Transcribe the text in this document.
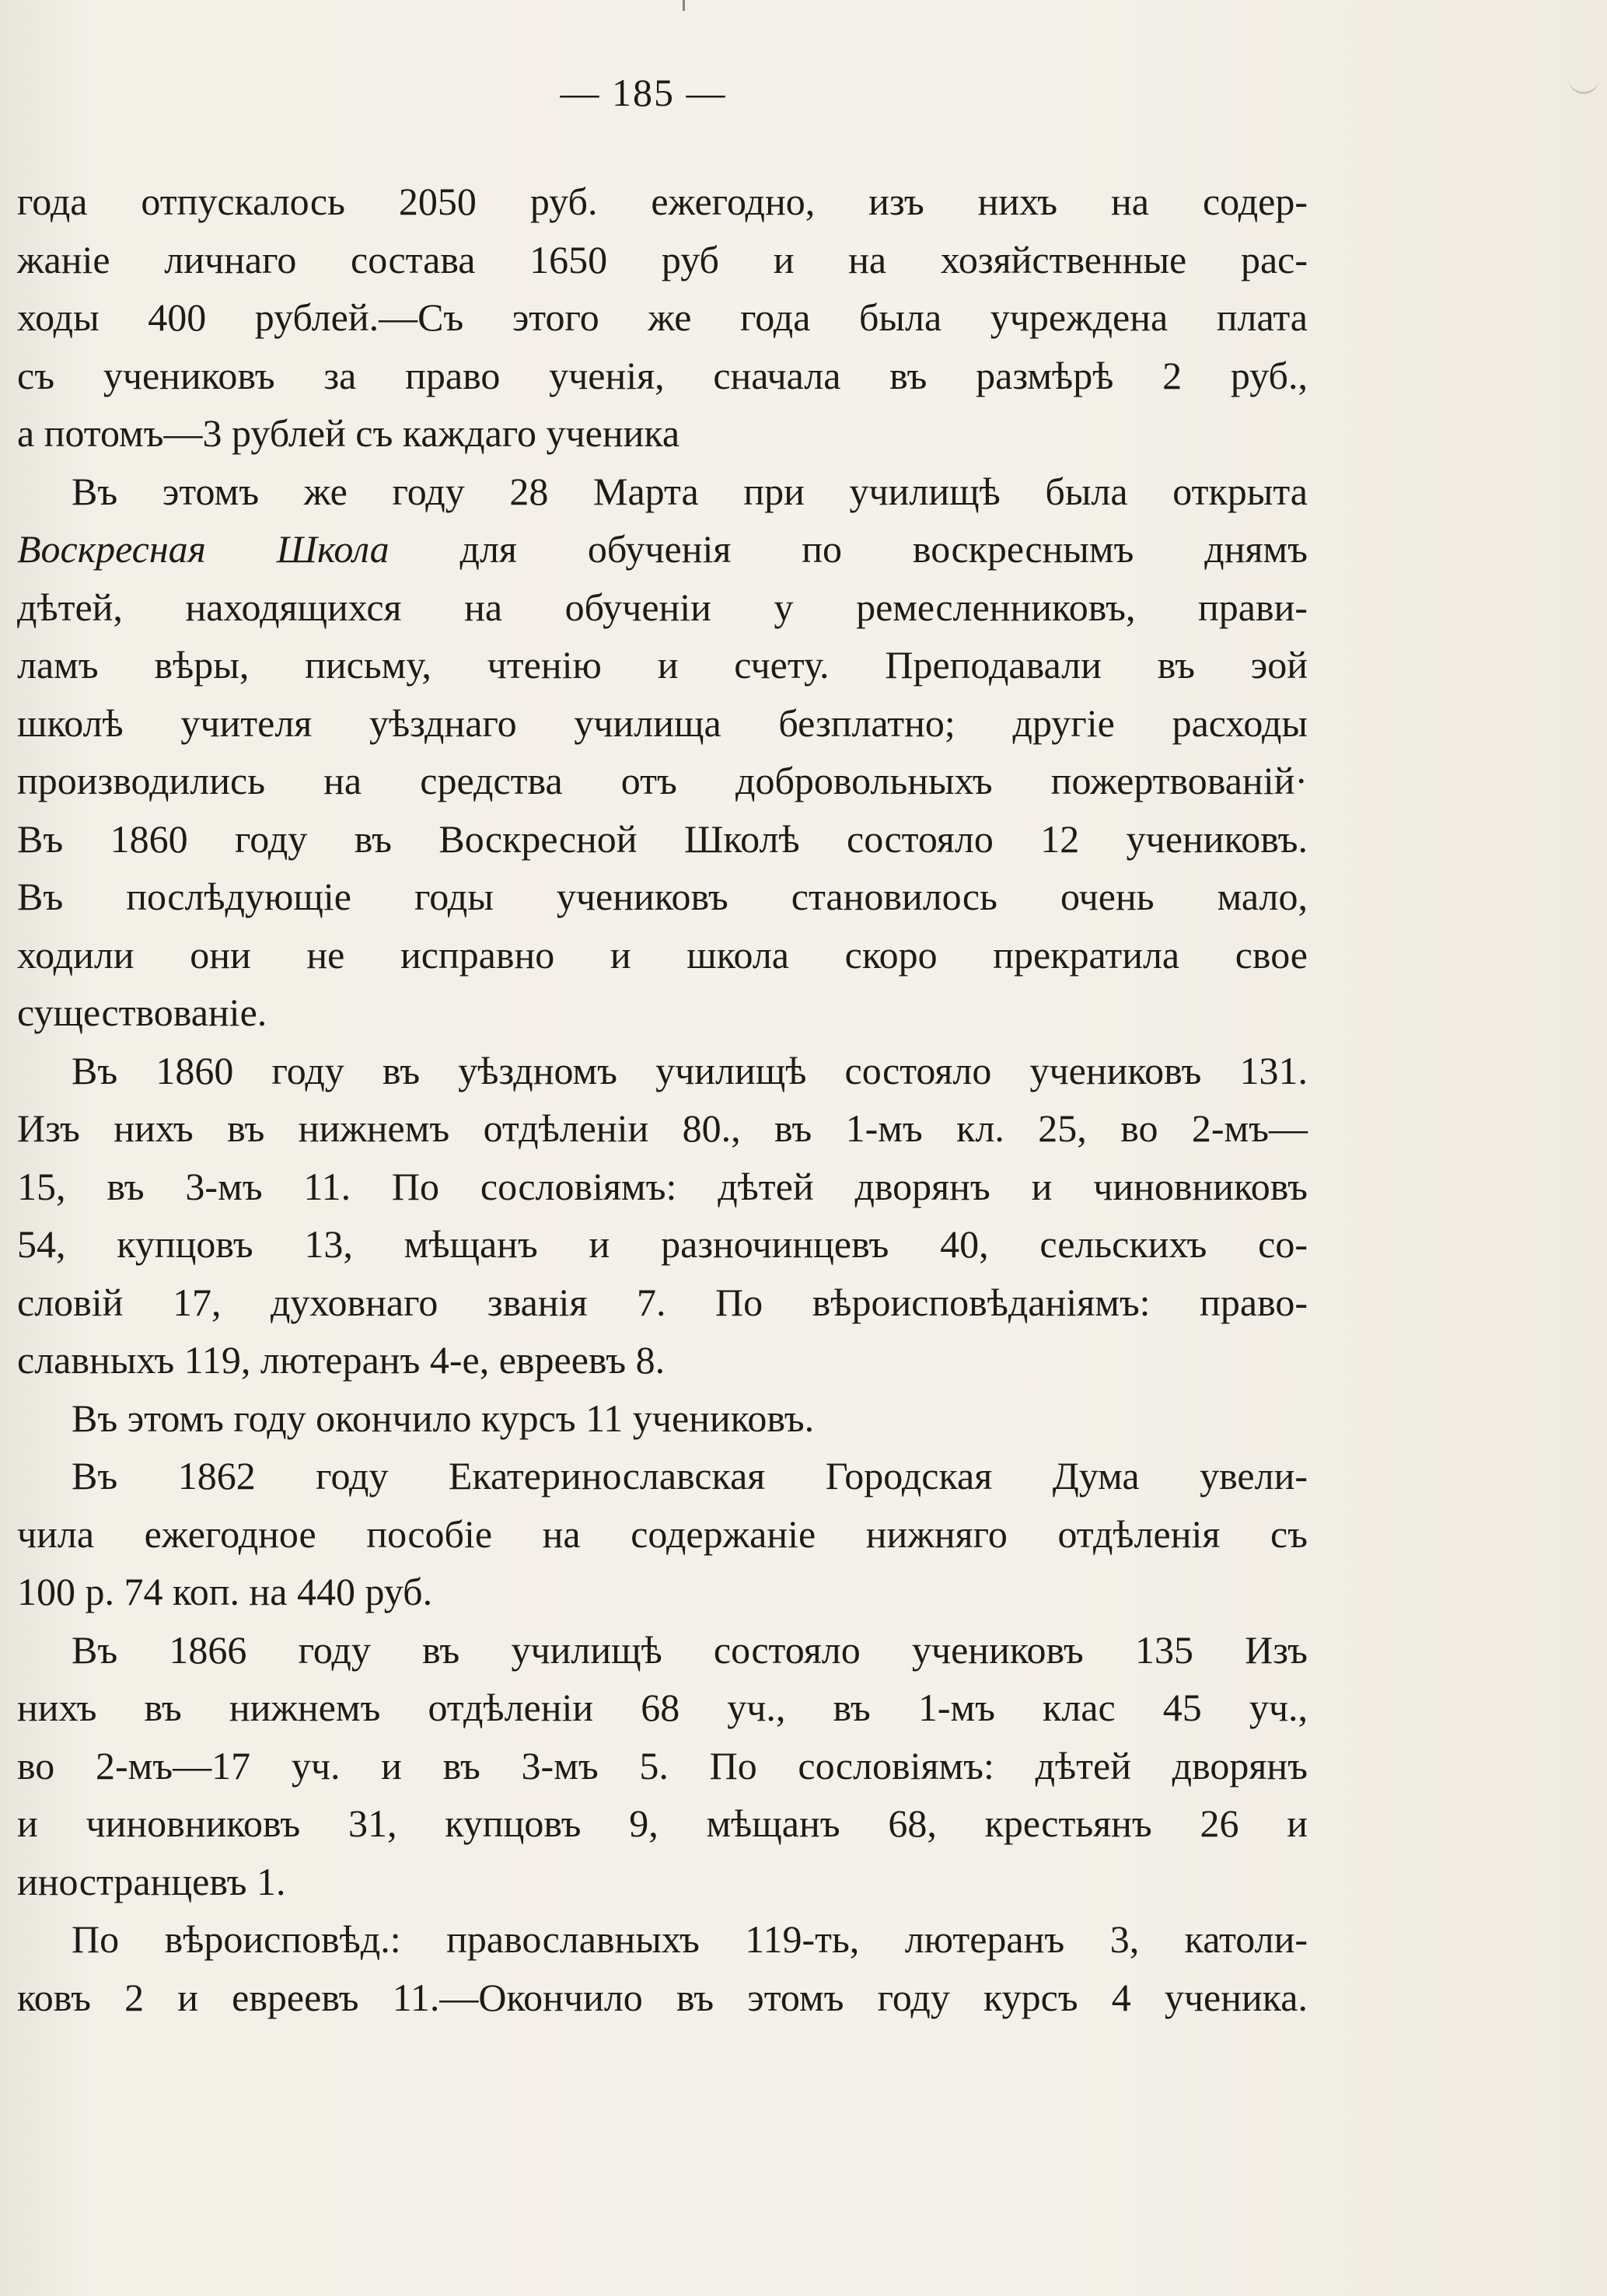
— 185 —
года отпускалось 2050 руб. ежегодно, изъ нихъ на содер-
жаніе личнаго состава 1650 руб и на хозяйственные рас-
ходы 400 рублей.—Съ этого же года была учреждена плата
съ учениковъ за право ученія, сначала въ размѣрѣ 2 руб.,
а потомъ—3 рублей съ каждаго ученика
Въ этомъ же году 28 Марта при училищѣ была открыта
Воскресная Школа для обученія по воскреснымъ днямъ
дѣтей, находящихся на обученіи у ремесленниковъ, прави-
ламъ вѣры, письму, чтенію и счету. Преподавали въ эой
школѣ учителя уѣзднаго училища безплатно; другіе расходы
производились на средства отъ добровольныхъ пожертвованій·
Въ 1860 году въ Воскресной Школѣ состояло 12 учениковъ.
Въ послѣдующіе годы учениковъ становилось очень мало,
ходили они не исправно и школа скоро прекратила свое
существованіе.
Въ 1860 году въ уѣздномъ училищѣ состояло учениковъ 131.
Изъ нихъ въ нижнемъ отдѣленіи 80., въ 1-мъ кл. 25, во 2-мъ—
15, въ 3-мъ 11. По сословіямъ: дѣтей дворянъ и чиновниковъ
54, купцовъ 13, мѣщанъ и разночинцевъ 40, сельскихъ со-
словій 17, духовнаго званія 7. По вѣроисповѣданіямъ: право-
славныхъ 119, лютеранъ 4-е, евреевъ 8.
Въ этомъ году окончило курсъ 11 учениковъ.
Въ 1862 году Екатеринославская Городская Дума увели-
чила ежегодное пособіе на содержаніе нижняго отдѣленія съ
100 р. 74 коп. на 440 руб.
Въ 1866 году въ училищѣ состояло учениковъ 135 Изъ
нихъ въ нижнемъ отдѣленіи 68 уч., въ 1-мъ клас 45 уч.,
во 2-мъ—17 уч. и въ 3-мъ 5. По сословіямъ: дѣтей дворянъ
и чиновниковъ 31, купцовъ 9, мѣщанъ 68, крестьянъ 26 и
иностранцевъ 1.
По вѣроисповѣд.: православныхъ 119-ть, лютеранъ 3, католи-
ковъ 2 и евреевъ 11.—Окончило въ этомъ году курсъ 4 ученика.
